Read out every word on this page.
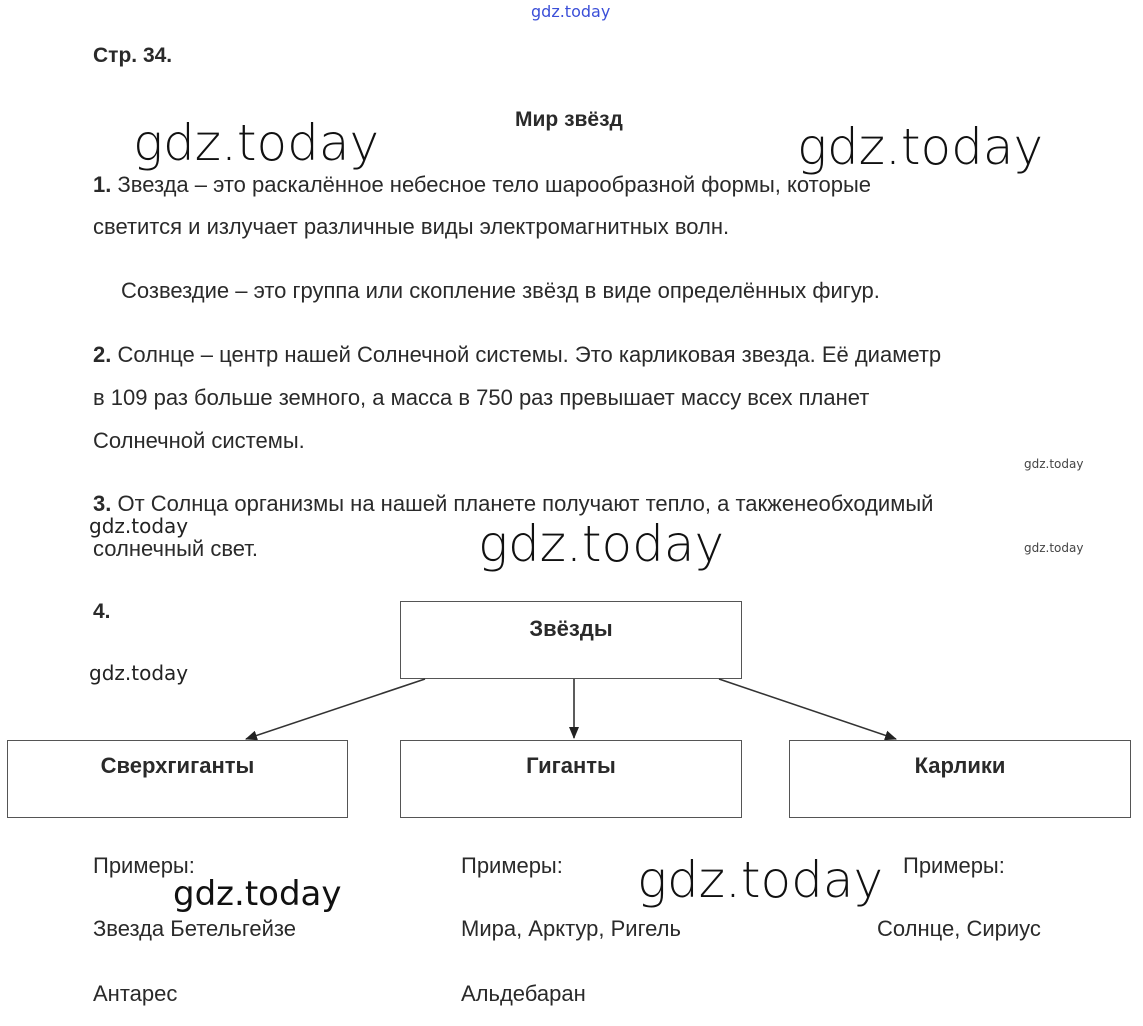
gdz.today
Стр. 34.
Мир звёзд
gdz.today	gdz.today
1. Звезда – это раскалённое небесное тело шарообразной формы, которые
светится и излучает различные виды электромагнитных волн.
Созвездие – это группа или скопление звёзд в виде определённых фигур.
2. Солнце – центр нашей Солнечной системы. Это карликовая звезда. Её диаметр
в 109 раз больше земного, а масса в 750 раз превышает массу всех планет
Солнечной системы.
gdz.today
3. От Солнца организмы на нашей планете получают тепло, а такженеобходимый
gdz.today
солнечный свет.	gdz.today	gdz.today
4.
gdz.today
Звёзды
Сверхгиганты	Гиганты	Карлики
Примеры:
gdz.today
Звезда Бетельгейзе
Антарес
Примеры: gdz.today
Мира, Арктур, Ригель
Альдебаран
Примеры:
Солнце, Сириус
